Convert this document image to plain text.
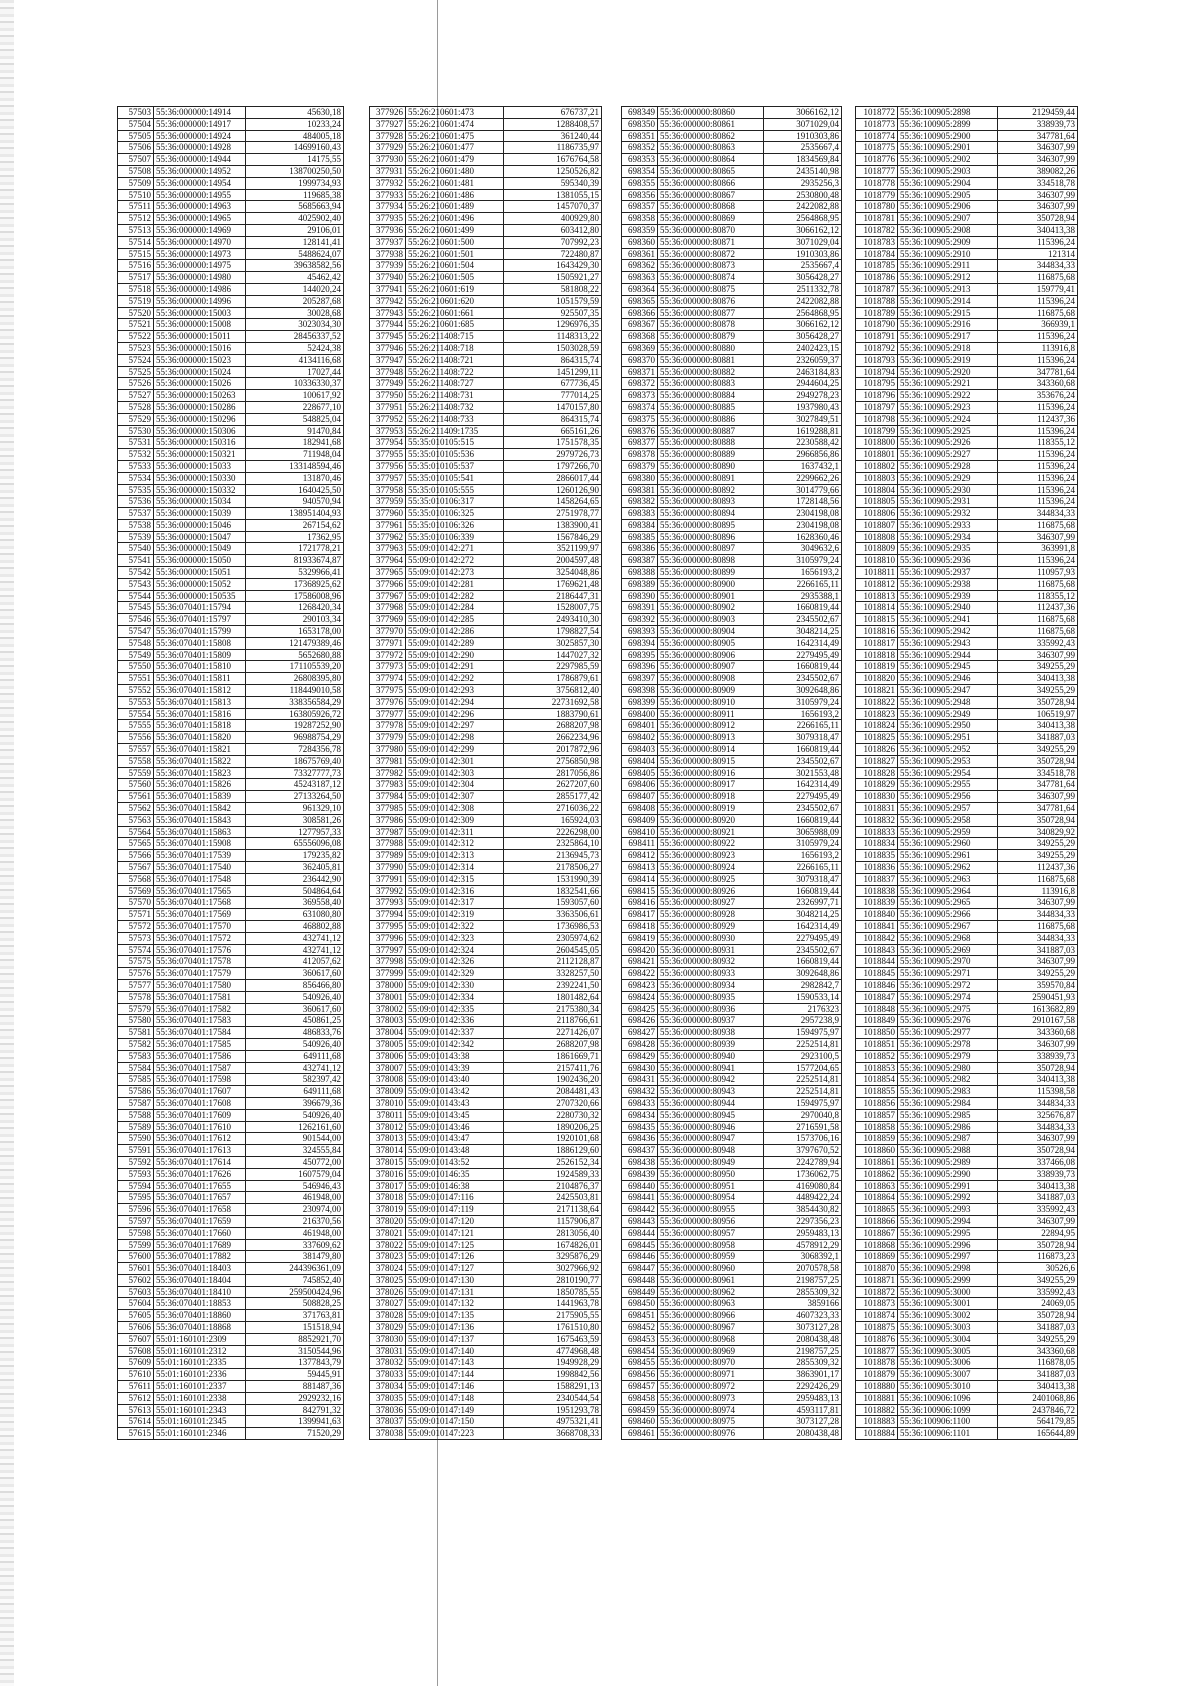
57503	55:36:000000:14914	45630,18
57504	55:36:000000:14917	10233,24
57505	55:36:000000:14924	484005,18
57506	55:36:000000:14928	14699160,43
57507	55:36:000000:14944	14175,55
57508	55:36:000000:14952	138700250,50
57509	55:36:000000:14954	1999734,93
57510	55:36:000000:14955	119685,38
57511	55:36:000000:14963	5685663,94
57512	55:36:000000:14965	4025902,40
57513	55:36:000000:14969	29106,01
57514	55:36:000000:14970	128141,41
57515	55:36:000000:14973	5488624,07
57516	55:36:000000:14975	39638582,56
57517	55:36:000000:14980	45462,42
57518	55:36:000000:14986	144020,24
57519	55:36:000000:14996	205287,68
57520	55:36:000000:15003	30028,68
57521	55:36:000000:15008	3023034,30
57522	55:36:000000:15011	28456337,52
57523	55:36:000000:15016	52424,38
57524	55:36:000000:15023	4134116,68
57525	55:36:000000:15024	17027,44
57526	55:36:000000:15026	10336330,37
57527	55:36:000000:150263	100617,92
57528	55:36:000000:150286	228677,10
57529	55:36:000000:150296	548825,04
57530	55:36:000000:150306	91470,84
57531	55:36:000000:150316	182941,68
57532	55:36:000000:150321	711948,04
57533	55:36:000000:15033	133148594,46
57534	55:36:000000:150330	131870,46
57535	55:36:000000:150332	1640425,50
57536	55:36:000000:15034	940570,94
57537	55:36:000000:15039	138951404,93
57538	55:36:000000:15046	267154,62
57539	55:36:000000:15047	17362,95
57540	55:36:000000:15049	1721778,21
57541	55:36:000000:15050	81933674,87
57542	55:36:000000:15051	5329966,41
57543	55:36:000000:15052	17368925,62
57544	55:36:000000:150535	17586008,96
57545	55:36:070401:15794	1268420,34
57546	55:36:070401:15797	290103,34
57547	55:36:070401:15799	1653178,00
57548	55:36:070401:15808	121479389,46
57549	55:36:070401:15809	5652680,88
57550	55:36:070401:15810	171105539,20
57551	55:36:070401:15811	26808395,80
57552	55:36:070401:15812	118449010,58
57553	55:36:070401:15813	338356584,29
57554	55:36:070401:15816	163805926,72
57555	55:36:070401:15818	19287252,90
57556	55:36:070401:15820	96988754,29
57557	55:36:070401:15821	7284356,78
57558	55:36:070401:15822	18675769,40
57559	55:36:070401:15823	73327777,73
57560	55:36:070401:15826	45243187,12
57561	55:36:070401:15839	27133264,50
57562	55:36:070401:15842	961329,10
57563	55:36:070401:15843	308581,26
57564	55:36:070401:15863	1277957,33
57565	55:36:070401:15908	65556096,08
57566	55:36:070401:17539	179235,82
57567	55:36:070401:17540	362405,81
57568	55:36:070401:17548	236442,90
57569	55:36:070401:17565	504864,64
57570	55:36:070401:17568	369558,40
57571	55:36:070401:17569	631080,80
57572	55:36:070401:17570	468802,88
57573	55:36:070401:17572	432741,12
57574	55:36:070401:17576	432741,12
57575	55:36:070401:17578	412057,62
57576	55:36:070401:17579	360617,60
57577	55:36:070401:17580	856466,80
57578	55:36:070401:17581	540926,40
57579	55:36:070401:17582	360617,60
57580	55:36:070401:17583	450861,25
57581	55:36:070401:17584	486833,76
57582	55:36:070401:17585	540926,40
57583	55:36:070401:17586	649111,68
57584	55:36:070401:17587	432741,12
57585	55:36:070401:17598	582397,42
57586	55:36:070401:17607	649111,68
57587	55:36:070401:17608	396679,36
57588	55:36:070401:17609	540926,40
57589	55:36:070401:17610	1262161,60
57590	55:36:070401:17612	901544,00
57591	55:36:070401:17613	324555,84
57592	55:36:070401:17614	450772,00
57593	55:36:070401:17626	1607579,04
57594	55:36:070401:17655	546946,43
57595	55:36:070401:17657	461948,00
57596	55:36:070401:17658	230974,00
57597	55:36:070401:17659	216370,56
57598	55:36:070401:17660	461948,00
57599	55:36:070401:17689	337609,62
57600	55:36:070401:17882	381479,80
57601	55:36:070401:18403	244396361,09
57602	55:36:070401:18404	745852,40
57603	55:36:070401:18410	259500424,96
57604	55:36:070401:18853	508828,25
57605	55:36:070401:18860	371763,81
57606	55:36:070401:18868	151518,94
57607	55:01:160101:2309	8852921,70
57608	55:01:160101:2312	3150544,96
57609	55:01:160101:2335	1377843,79
57610	55:01:160101:2336	59445,91
57611	55:01:160101:2337	881487,36
57612	55:01:160101:2338	2929232,16
57613	55:01:160101:2343	842791,32
57614	55:01:160101:2345	1399941,63
57615	55:01:160101:2346	71520,29
377926	55:26:210601:473	676737,21
377927	55:26:210601:474	1288408,57
377928	55:26:210601:475	361240,44
377929	55:26:210601:477	1186735,97
377930	55:26:210601:479	1676764,58
377931	55:26:210601:480	1250526,82
377932	55:26:210601:481	595340,39
377933	55:26:210601:486	1381055,15
377934	55:26:210601:489	1457070,37
377935	55:26:210601:496	400929,80
377936	55:26:210601:499	603412,80
377937	55:26:210601:500	707992,23
377938	55:26:210601:501	722480,87
377939	55:26:210601:504	1643429,30
377940	55:26:210601:505	1505921,27
377941	55:26:210601:619	581808,22
377942	55:26:210601:620	1051579,59
377943	55:26:210601:661	925507,35
377944	55:26:210601:685	1296976,35
377945	55:26:211408:715	1148313,22
377946	55:26:211408:718	1503028,59
377947	55:26:211408:721	864315,74
377948	55:26:211408:722	1451299,11
377949	55:26:211408:727	677736,45
377950	55:26:211408:731	777014,25
377951	55:26:211408:732	1470157,80
377952	55:26:211408:733	864315,74
377953	55:26:211409:1735	665161,26
377954	55:35:010105:515	1751578,35
377955	55:35:010105:536	2979726,73
377956	55:35:010105:537	1797266,70
377957	55:35:010105:541	2866017,44
377958	55:35:010105:555	1260126,90
377959	55:35:010106:317	1458264,65
377960	55:35:010106:325	2751978,77
377961	55:35:010106:326	1383900,41
377962	55:35:010106:339	1567846,29
377963	55:09:010142:271	3521199,97
377964	55:09:010142:272	2004597,48
377965	55:09:010142:273	3254048,86
377966	55:09:010142:281	1769621,48
377967	55:09:010142:282	2186447,31
377968	55:09:010142:284	1528007,75
377969	55:09:010142:285	2493410,30
377970	55:09:010142:286	1798827,54
377971	55:09:010142:289	3025857,30
377972	55:09:010142:290	1447027,32
377973	55:09:010142:291	2297985,59
377974	55:09:010142:292	1786879,61
377975	55:09:010142:293	3756812,40
377976	55:09:010142:294	22731692,58
377977	55:09:010142:296	1883790,61
377978	55:09:010142:297	2688207,98
377979	55:09:010142:298	2662234,96
377980	55:09:010142:299	2017872,96
377981	55:09:010142:301	2756850,98
377982	55:09:010142:303	2817056,86
377983	55:09:010142:304	2627207,60
377984	55:09:010142:307	2855177,42
377985	55:09:010142:308	2716036,22
377986	55:09:010142:309	165924,03
377987	55:09:010142:311	2226298,00
377988	55:09:010142:312	2325864,10
377989	55:09:010142:313	2136945,73
377990	55:09:010142:314	2178506,27
377991	55:09:010142:315	1531990,39
377992	55:09:010142:316	1832541,66
377993	55:09:010142:317	1593057,60
377994	55:09:010142:319	3363506,61
377995	55:09:010142:322	1736986,53
377996	55:09:010142:323	2305974,62
377997	55:09:010142:324	2604545,05
377998	55:09:010142:326	2112128,87
377999	55:09:010142:329	3328257,50
378000	55:09:010142:330	2392241,50
378001	55:09:010142:334	1801482,64
378002	55:09:010142:335	2175380,34
378003	55:09:010142:336	2118766,61
378004	55:09:010142:337	2271426,07
378005	55:09:010142:342	2688207,98
378006	55:09:010143:38	1861669,71
378007	55:09:010143:39	2157411,76
378008	55:09:010143:40	1902436,20
378009	55:09:010143:42	2084481,43
378010	55:09:010143:43	2707320,66
378011	55:09:010143:45	2280730,32
378012	55:09:010143:46	1890206,25
378013	55:09:010143:47	1920101,68
378014	55:09:010143:48	1886129,60
378015	55:09:010143:52	2526152,34
378016	55:09:010146:35	1924589,33
378017	55:09:010146:38	2104876,37
378018	55:09:010147:116	2425503,81
378019	55:09:010147:119	2171138,64
378020	55:09:010147:120	1157906,87
378021	55:09:010147:121	2813056,40
378022	55:09:010147:125	1674826,01
378023	55:09:010147:126	3295876,29
378024	55:09:010147:127	3027966,92
378025	55:09:010147:130	2810190,77
378026	55:09:010147:131	1850785,55
378027	55:09:010147:132	1441963,78
378028	55:09:010147:135	2175905,55
378029	55:09:010147:136	1761510,80
378030	55:09:010147:137	1675463,59
378031	55:09:010147:140	4774968,48
378032	55:09:010147:143	1949928,29
378033	55:09:010147:144	1998842,56
378034	55:09:010147:146	1588291,13
378035	55:09:010147:148	2340544,54
378036	55:09:010147:149	1951293,78
378037	55:09:010147:150	4975321,41
378038	55:09:010147:223	3668708,33
698349	55:36:000000:80860	3066162,12
698350	55:36:000000:80861	3071029,04
698351	55:36:000000:80862	1910303,86
698352	55:36:000000:80863	2535667,4
698353	55:36:000000:80864	1834569,84
698354	55:36:000000:80865	2435140,98
698355	55:36:000000:80866	2935256,3
698356	55:36:000000:80867	2530800,48
698357	55:36:000000:80868	2422082,88
698358	55:36:000000:80869	2564868,95
698359	55:36:000000:80870	3066162,12
698360	55:36:000000:80871	3071029,04
698361	55:36:000000:80872	1910303,86
698362	55:36:000000:80873	2535667,4
698363	55:36:000000:80874	3056428,27
698364	55:36:000000:80875	2511332,78
698365	55:36:000000:80876	2422082,88
698366	55:36:000000:80877	2564868,95
698367	55:36:000000:80878	3066162,12
698368	55:36:000000:80879	3056428,27
698369	55:36:000000:80880	2402423,15
698370	55:36:000000:80881	2326059,37
698371	55:36:000000:80882	2463184,83
698372	55:36:000000:80883	2944604,25
698373	55:36:000000:80884	2949278,23
698374	55:36:000000:80885	1937980,43
698375	55:36:000000:80886	3027849,51
698376	55:36:000000:80887	1619288,81
698377	55:36:000000:80888	2230588,42
698378	55:36:000000:80889	2966856,86
698379	55:36:000000:80890	1637432,1
698380	55:36:000000:80891	2299662,26
698381	55:36:000000:80892	3014779,66
698382	55:36:000000:80893	1728148,56
698383	55:36:000000:80894	2304198,08
698384	55:36:000000:80895	2304198,08
698385	55:36:000000:80896	1628360,46
698386	55:36:000000:80897	3049632,6
698387	55:36:000000:80898	3105979,24
698388	55:36:000000:80899	1656193,2
698389	55:36:000000:80900	2266165,11
698390	55:36:000000:80901	2935388,1
698391	55:36:000000:80902	1660819,44
698392	55:36:000000:80903	2345502,67
698393	55:36:000000:80904	3048214,25
698394	55:36:000000:80905	1642314,49
698395	55:36:000000:80906	2279495,49
698396	55:36:000000:80907	1660819,44
698397	55:36:000000:80908	2345502,67
698398	55:36:000000:80909	3092648,86
698399	55:36:000000:80910	3105979,24
698400	55:36:000000:80911	1656193,2
698401	55:36:000000:80912	2266165,11
698402	55:36:000000:80913	3079318,47
698403	55:36:000000:80914	1660819,44
698404	55:36:000000:80915	2345502,67
698405	55:36:000000:80916	3021553,48
698406	55:36:000000:80917	1642314,49
698407	55:36:000000:80918	2279495,49
698408	55:36:000000:80919	2345502,67
698409	55:36:000000:80920	1660819,44
698410	55:36:000000:80921	3065988,09
698411	55:36:000000:80922	3105979,24
698412	55:36:000000:80923	1656193,2
698413	55:36:000000:80924	2266165,11
698414	55:36:000000:80925	3079318,47
698415	55:36:000000:80926	1660819,44
698416	55:36:000000:80927	2326997,71
698417	55:36:000000:80928	3048214,25
698418	55:36:000000:80929	1642314,49
698419	55:36:000000:80930	2279495,49
698420	55:36:000000:80931	2345502,67
698421	55:36:000000:80932	1660819,44
698422	55:36:000000:80933	3092648,86
698423	55:36:000000:80934	2982842,7
698424	55:36:000000:80935	1590533,14
698425	55:36:000000:80936	2176323
698426	55:36:000000:80937	2957238,9
698427	55:36:000000:80938	1594975,97
698428	55:36:000000:80939	2252514,81
698429	55:36:000000:80940	2923100,5
698430	55:36:000000:80941	1577204,65
698431	55:36:000000:80942	2252514,81
698432	55:36:000000:80943	2252514,81
698433	55:36:000000:80944	1594975,97
698434	55:36:000000:80945	2970040,8
698435	55:36:000000:80946	2716591,58
698436	55:36:000000:80947	1573706,16
698437	55:36:000000:80948	3797670,52
698438	55:36:000000:80949	2242789,94
698439	55:36:000000:80950	1736062,75
698440	55:36:000000:80951	4169080,84
698441	55:36:000000:80954	4489422,24
698442	55:36:000000:80955	3854430,82
698443	55:36:000000:80956	2297356,23
698444	55:36:000000:80957	2959483,13
698445	55:36:000000:80958	4578912,29
698446	55:36:000000:80959	3068392,1
698447	55:36:000000:80960	2070578,58
698448	55:36:000000:80961	2198757,25
698449	55:36:000000:80962	2855309,32
698450	55:36:000000:80963	3859166
698451	55:36:000000:80966	4607323,33
698452	55:36:000000:80967	3073127,28
698453	55:36:000000:80968	2080438,48
698454	55:36:000000:80969	2198757,25
698455	55:36:000000:80970	2855309,32
698456	55:36:000000:80971	3863901,17
698457	55:36:000000:80972	2292426,29
698458	55:36:000000:80973	2959483,13
698459	55:36:000000:80974	4593117,81
698460	55:36:000000:80975	3073127,28
698461	55:36:000000:80976	2080438,48
1018772	55:36:100905:2898	2129459,44
1018773	55:36:100905:2899	338939,73
1018774	55:36:100905:2900	347781,64
1018775	55:36:100905:2901	346307,99
1018776	55:36:100905:2902	346307,99
1018777	55:36:100905:2903	389082,26
1018778	55:36:100905:2904	334518,78
1018779	55:36:100905:2905	346307,99
1018780	55:36:100905:2906	346307,99
1018781	55:36:100905:2907	350728,94
1018782	55:36:100905:2908	340413,38
1018783	55:36:100905:2909	115396,24
1018784	55:36:100905:2910	121314
1018785	55:36:100905:2911	344834,33
1018786	55:36:100905:2912	116875,68
1018787	55:36:100905:2913	159779,41
1018788	55:36:100905:2914	115396,24
1018789	55:36:100905:2915	116875,68
1018790	55:36:100905:2916	366939,1
1018791	55:36:100905:2917	115396,24
1018792	55:36:100905:2918	113916,8
1018793	55:36:100905:2919	115396,24
1018794	55:36:100905:2920	347781,64
1018795	55:36:100905:2921	343360,68
1018796	55:36:100905:2922	353676,24
1018797	55:36:100905:2923	115396,24
1018798	55:36:100905:2924	112437,36
1018799	55:36:100905:2925	115396,24
1018800	55:36:100905:2926	118355,12
1018801	55:36:100905:2927	115396,24
1018802	55:36:100905:2928	115396,24
1018803	55:36:100905:2929	115396,24
1018804	55:36:100905:2930	115396,24
1018805	55:36:100905:2931	115396,24
1018806	55:36:100905:2932	344834,33
1018807	55:36:100905:2933	116875,68
1018808	55:36:100905:2934	346307,99
1018809	55:36:100905:2935	363991,8
1018810	55:36:100905:2936	115396,24
1018811	55:36:100905:2937	110957,93
1018812	55:36:100905:2938	116875,68
1018813	55:36:100905:2939	118355,12
1018814	55:36:100905:2940	112437,36
1018815	55:36:100905:2941	116875,68
1018816	55:36:100905:2942	116875,68
1018817	55:36:100905:2943	335992,43
1018818	55:36:100905:2944	346307,99
1018819	55:36:100905:2945	349255,29
1018820	55:36:100905:2946	340413,38
1018821	55:36:100905:2947	349255,29
1018822	55:36:100905:2948	350728,94
1018823	55:36:100905:2949	106519,97
1018824	55:36:100905:2950	340413,38
1018825	55:36:100905:2951	341887,03
1018826	55:36:100905:2952	349255,29
1018827	55:36:100905:2953	350728,94
1018828	55:36:100905:2954	334518,78
1018829	55:36:100905:2955	347781,64
1018830	55:36:100905:2956	346307,99
1018831	55:36:100905:2957	347781,64
1018832	55:36:100905:2958	350728,94
1018833	55:36:100905:2959	340829,92
1018834	55:36:100905:2960	349255,29
1018835	55:36:100905:2961	349255,29
1018836	55:36:100905:2962	112437,36
1018837	55:36:100905:2963	116875,68
1018838	55:36:100905:2964	113916,8
1018839	55:36:100905:2965	346307,99
1018840	55:36:100905:2966	344834,33
1018841	55:36:100905:2967	116875,68
1018842	55:36:100905:2968	344834,33
1018843	55:36:100905:2969	341887,03
1018844	55:36:100905:2970	346307,99
1018845	55:36:100905:2971	349255,29
1018846	55:36:100905:2972	359570,84
1018847	55:36:100905:2974	2590451,93
1018848	55:36:100905:2975	1613682,89
1018849	55:36:100905:2976	2910167,58
1018850	55:36:100905:2977	343360,68
1018851	55:36:100905:2978	346307,99
1018852	55:36:100905:2979	338939,73
1018853	55:36:100905:2980	350728,94
1018854	55:36:100905:2982	340413,38
1018855	55:36:100905:2983	115398,58
1018856	55:36:100905:2984	344834,33
1018857	55:36:100905:2985	325676,87
1018858	55:36:100905:2986	344834,33
1018859	55:36:100905:2987	346307,99
1018860	55:36:100905:2988	350728,94
1018861	55:36:100905:2989	337466,08
1018862	55:36:100905:2990	338939,73
1018863	55:36:100905:2991	340413,38
1018864	55:36:100905:2992	341887,03
1018865	55:36:100905:2993	335992,43
1018866	55:36:100905:2994	346307,99
1018867	55:36:100905:2995	22894,95
1018868	55:36:100905:2996	350728,94
1018869	55:36:100905:2997	116873,23
1018870	55:36:100905:2998	30526,6
1018871	55:36:100905:2999	349255,29
1018872	55:36:100905:3000	335992,43
1018873	55:36:100905:3001	24069,05
1018874	55:36:100905:3002	350728,94
1018875	55:36:100905:3003	341887,03
1018876	55:36:100905:3004	349255,29
1018877	55:36:100905:3005	343360,68
1018878	55:36:100905:3006	116878,05
1018879	55:36:100905:3007	341887,03
1018880	55:36:100905:3010	340413,38
1018881	55:36:100906:1096	2401068,86
1018882	55:36:100906:1099	2437846,72
1018883	55:36:100906:1100	564179,85
1018884	55:36:100906:1101	165644,89
